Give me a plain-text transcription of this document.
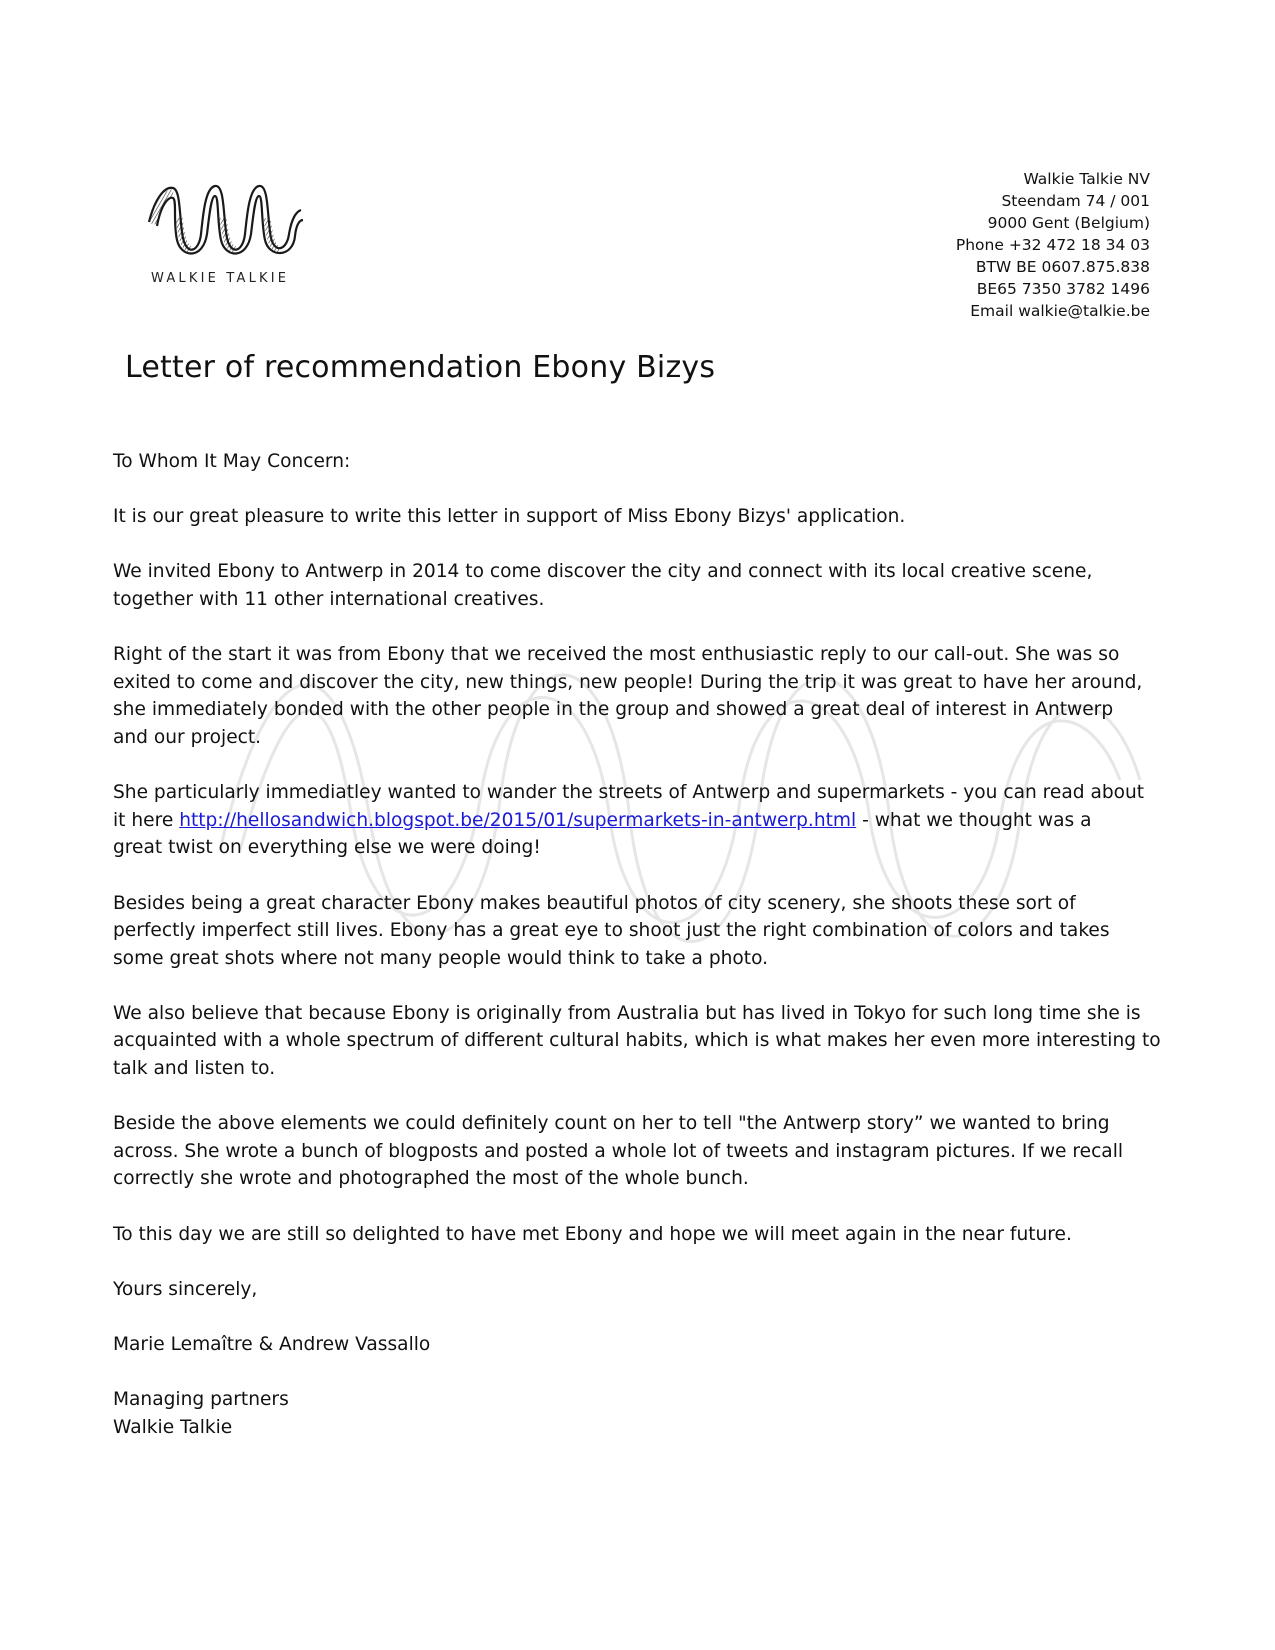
WALKIE TALKIE
Walkie Talkie NV
Steendam 74 / 001
9000 Gent (Belgium)
Phone +32 472 18 34 03
BTW BE 0607.875.838
BE65 7350 3782 1496
Email walkie@talkie.be
Letter of recommendation Ebony Bizys

To Whom It May Concern:

It is our great pleasure to write this letter in support of Miss Ebony Bizys' application.

We invited Ebony to Antwerp in 2014 to come discover the city and connect with its local creative scene,
together with 11 other international creatives.

Right of the start it was from Ebony that we received the most enthusiastic reply to our call-out. She was so
exited to come and discover the city, new things, new people! During the trip it was great to have her around,
she immediately bonded with the other people in the group and showed a great deal of interest in Antwerp
and our project.

She particularly immediatley wanted to wander the streets of Antwerp and supermarkets - you can read about
it here http://hellosandwich.blogspot.be/2015/01/supermarkets-in-antwerp.html - what we thought was a
great twist on everything else we were doing!

Besides being a great character Ebony makes beautiful photos of city scenery, she shoots these sort of
perfectly imperfect still lives. Ebony has a great eye to shoot just the right combination of colors and takes
some great shots where not many people would think to take a photo.

We also believe that because Ebony is originally from Australia but has lived in Tokyo for such long time she is
acquainted with a whole spectrum of different cultural habits, which is what makes her even more interesting to
talk and listen to.

Beside the above elements we could definitely count on her to tell "the Antwerp story” we wanted to bring
across. She wrote a bunch of blogposts and posted a whole lot of tweets and instagram pictures. If we recall
correctly she wrote and photographed the most of the whole bunch.

To this day we are still so delighted to have met Ebony and hope we will meet again in the near future.

Yours sincerely,

Marie Lemaître & Andrew Vassallo

Managing partners

Walkie Talkie
